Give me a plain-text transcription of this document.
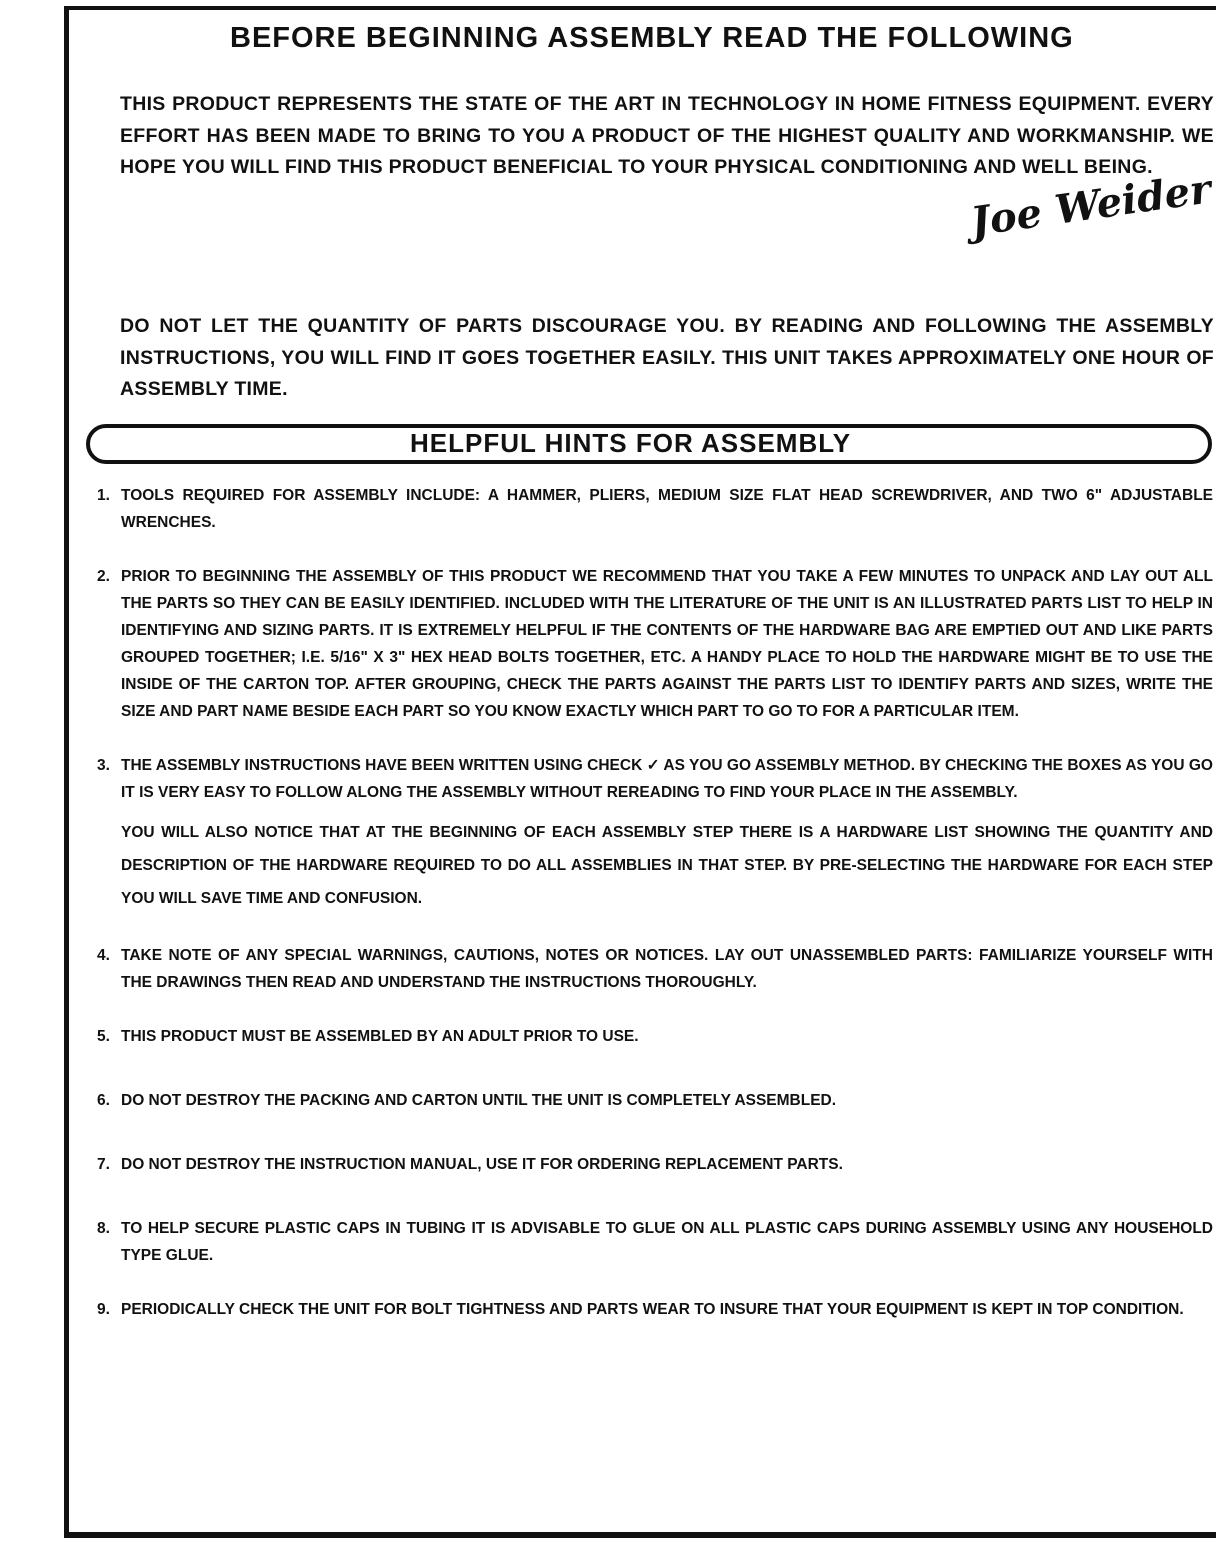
BEFORE BEGINNING ASSEMBLY READ THE FOLLOWING
THIS PRODUCT REPRESENTS THE STATE OF THE ART IN TECHNOLOGY IN HOME FITNESS EQUIPMENT. EVERY EFFORT HAS BEEN MADE TO BRING TO YOU A PRODUCT OF THE HIGHEST QUALITY AND WORKMANSHIP. WE HOPE YOU WILL FIND THIS PRODUCT BENEFICIAL TO YOUR PHYSICAL CONDITIONING AND WELL BEING.
Joe Weider
DO NOT LET THE QUANTITY OF PARTS DISCOURAGE YOU. BY READING AND FOLLOWING THE ASSEMBLY INSTRUCTIONS, YOU WILL FIND IT GOES TOGETHER EASILY. THIS UNIT TAKES APPROXIMATELY ONE HOUR OF ASSEMBLY TIME.
HELPFUL HINTS FOR ASSEMBLY
1. TOOLS REQUIRED FOR ASSEMBLY INCLUDE: A HAMMER, PLIERS, MEDIUM SIZE FLAT HEAD SCREWDRIVER, AND TWO 6" ADJUSTABLE WRENCHES.

2. PRIOR TO BEGINNING THE ASSEMBLY OF THIS PRODUCT WE RECOMMEND THAT YOU TAKE A FEW MINUTES TO UNPACK AND LAY OUT ALL THE PARTS SO THEY CAN BE EASILY IDENTIFIED. INCLUDED WITH THE LITERATURE OF THE UNIT IS AN ILLUSTRATED PARTS LIST TO HELP IN IDENTIFYING AND SIZING PARTS. IT IS EXTREMELY HELPFUL IF THE CONTENTS OF THE HARDWARE BAG ARE EMPTIED OUT AND LIKE PARTS GROUPED TOGETHER; I.E. 5/16" X 3" HEX HEAD BOLTS TOGETHER, ETC. A HANDY PLACE TO HOLD THE HARDWARE MIGHT BE TO USE THE INSIDE OF THE CARTON TOP. AFTER GROUPING, CHECK THE PARTS AGAINST THE PARTS LIST TO IDENTIFY PARTS AND SIZES, WRITE THE SIZE AND PART NAME BESIDE EACH PART SO YOU KNOW EXACTLY WHICH PART TO GO TO FOR A PARTICULAR ITEM.

3. THE ASSEMBLY INSTRUCTIONS HAVE BEEN WRITTEN USING CHECK ✓ AS YOU GO ASSEMBLY METHOD. BY CHECKING THE BOXES AS YOU GO IT IS VERY EASY TO FOLLOW ALONG THE ASSEMBLY WITHOUT REREADING TO FIND YOUR PLACE IN THE ASSEMBLY.

YOU WILL ALSO NOTICE THAT AT THE BEGINNING OF EACH ASSEMBLY STEP THERE IS A HARDWARE LIST SHOWING THE QUANTITY AND DESCRIPTION OF THE HARDWARE REQUIRED TO DO ALL ASSEMBLIES IN THAT STEP. BY PRE-SELECTING THE HARDWARE FOR EACH STEP YOU WILL SAVE TIME AND CONFUSION.

4. TAKE NOTE OF ANY SPECIAL WARNINGS, CAUTIONS, NOTES OR NOTICES. LAY OUT UNASSEMBLED PARTS: FAMILIARIZE YOURSELF WITH THE DRAWINGS THEN READ AND UNDERSTAND THE INSTRUCTIONS THOROUGHLY.

5. THIS PRODUCT MUST BE ASSEMBLED BY AN ADULT PRIOR TO USE.

6. DO NOT DESTROY THE PACKING AND CARTON UNTIL THE UNIT IS COMPLETELY ASSEMBLED.

7. DO NOT DESTROY THE INSTRUCTION MANUAL, USE IT FOR ORDERING REPLACEMENT PARTS.

8. TO HELP SECURE PLASTIC CAPS IN TUBING IT IS ADVISABLE TO GLUE ON ALL PLASTIC CAPS DURING ASSEMBLY USING ANY HOUSEHOLD TYPE GLUE.

9. PERIODICALLY CHECK THE UNIT FOR BOLT TIGHTNESS AND PARTS WEAR TO INSURE THAT YOUR EQUIPMENT IS KEPT IN TOP CONDITION.
